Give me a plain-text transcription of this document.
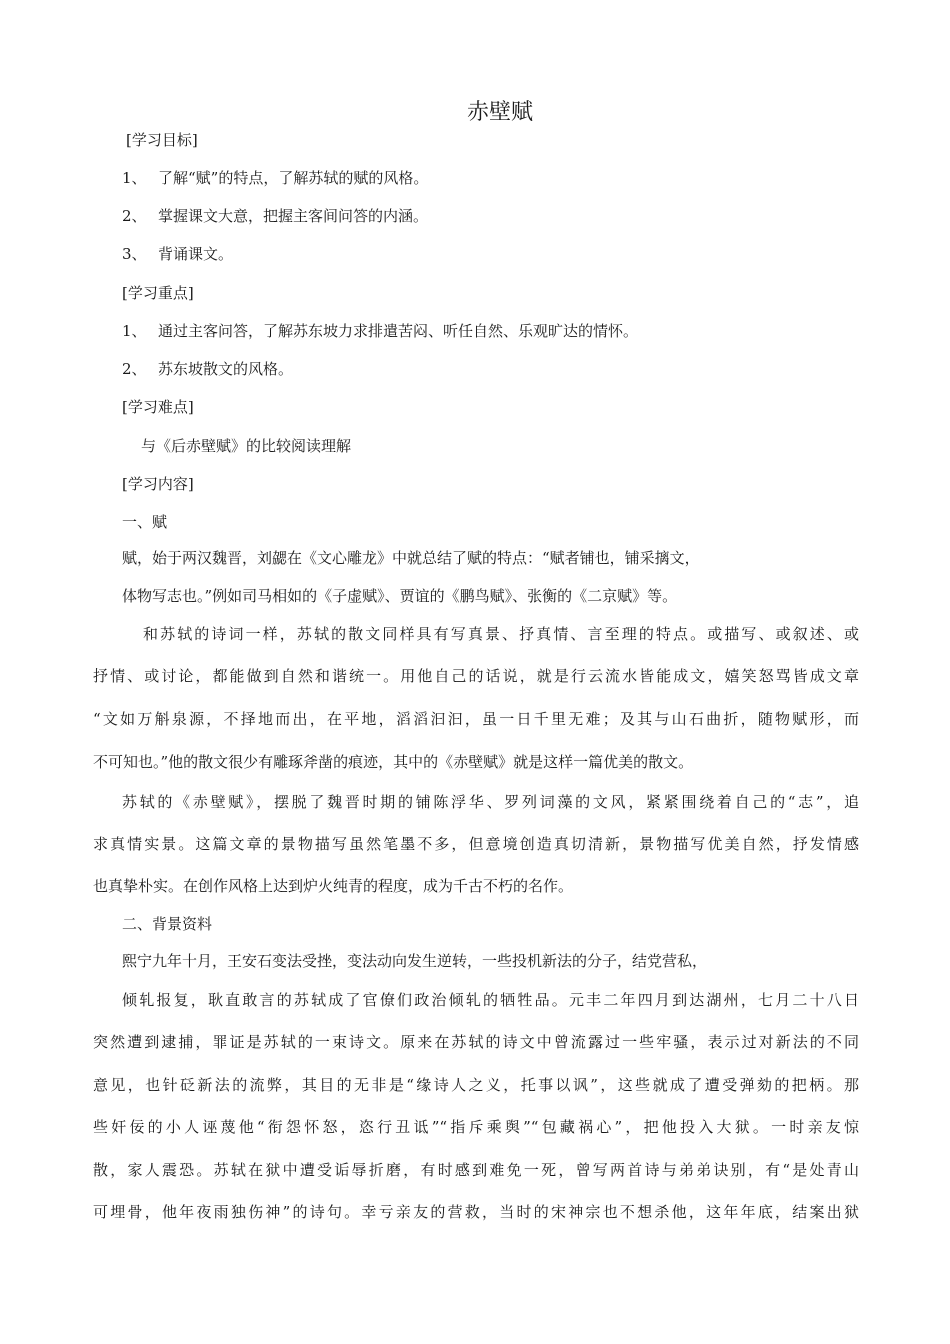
赤壁赋
[学习目标]
1、 了解“赋”的特点，了解苏轼的赋的风格。
2、 掌握课文大意，把握主客间问答的内涵。
3、 背诵课文。
[学习重点]
1、 通过主客问答，了解苏东坡力求排遣苦闷、听任自然、乐观旷达的情怀。
2、 苏东坡散文的风格。
[学习难点]
与《后赤壁赋》的比较阅读理解
[学习内容]
一、赋
赋，始于两汉魏晋，刘勰在《文心雕龙》中就总结了赋的特点：“赋者铺也，铺采摛文，
体物写志也。”例如司马相如的《子虚赋》、贾谊的《鹏鸟赋》、张衡的《二京赋》等。
和苏轼的诗词一样，苏轼的散文同样具有写真景、抒真情、言至理的特点。或描写、或叙述、或
抒情、或讨论，都能做到自然和谐统一。用他自己的话说，就是行云流水皆能成文，嬉笑怒骂皆成文章
“文如万斛泉源，不择地而出，在平地，滔滔汩汩，虽一日千里无难；及其与山石曲折，随物赋形，而
不可知也。”他的散文很少有雕琢斧凿的痕迹，其中的《赤壁赋》就是这样一篇优美的散文。
苏轼的《赤壁赋》，摆脱了魏晋时期的铺陈浮华、罗列词藻的文风，紧紧围绕着自己的“志”，追
求真情实景。这篇文章的景物描写虽然笔墨不多，但意境创造真切清新，景物描写优美自然，抒发情感
也真挚朴实。在创作风格上达到炉火纯青的程度，成为千古不朽的名作。
二、背景资料
熙宁九年十月，王安石变法受挫，变法动向发生逆转，一些投机新法的分子，结党营私，
倾轧报复，耿直敢言的苏轼成了官僚们政治倾轧的牺牲品。元丰二年四月到达湖州，七月二十八日
突然遭到逮捕，罪证是苏轼的一束诗文。原来在苏轼的诗文中曾流露过一些牢骚，表示过对新法的不同
意见，也针砭新法的流弊，其目的无非是“缘诗人之义，托事以讽”，这些就成了遭受弹劾的把柄。那
些奸佞的小人诬蔑他“衔怨怀怒，恣行丑诋”“指斥乘舆”“包藏祸心”，把他投入大狱。一时亲友惊
散，家人震恐。苏轼在狱中遭受诟辱折磨，有时感到难免一死，曾写两首诗与弟弟诀别，有“是处青山
可埋骨，他年夜雨独伤神”的诗句。幸亏亲友的营救，当时的宋神宗也不想杀他，这年年底，结案出狱
